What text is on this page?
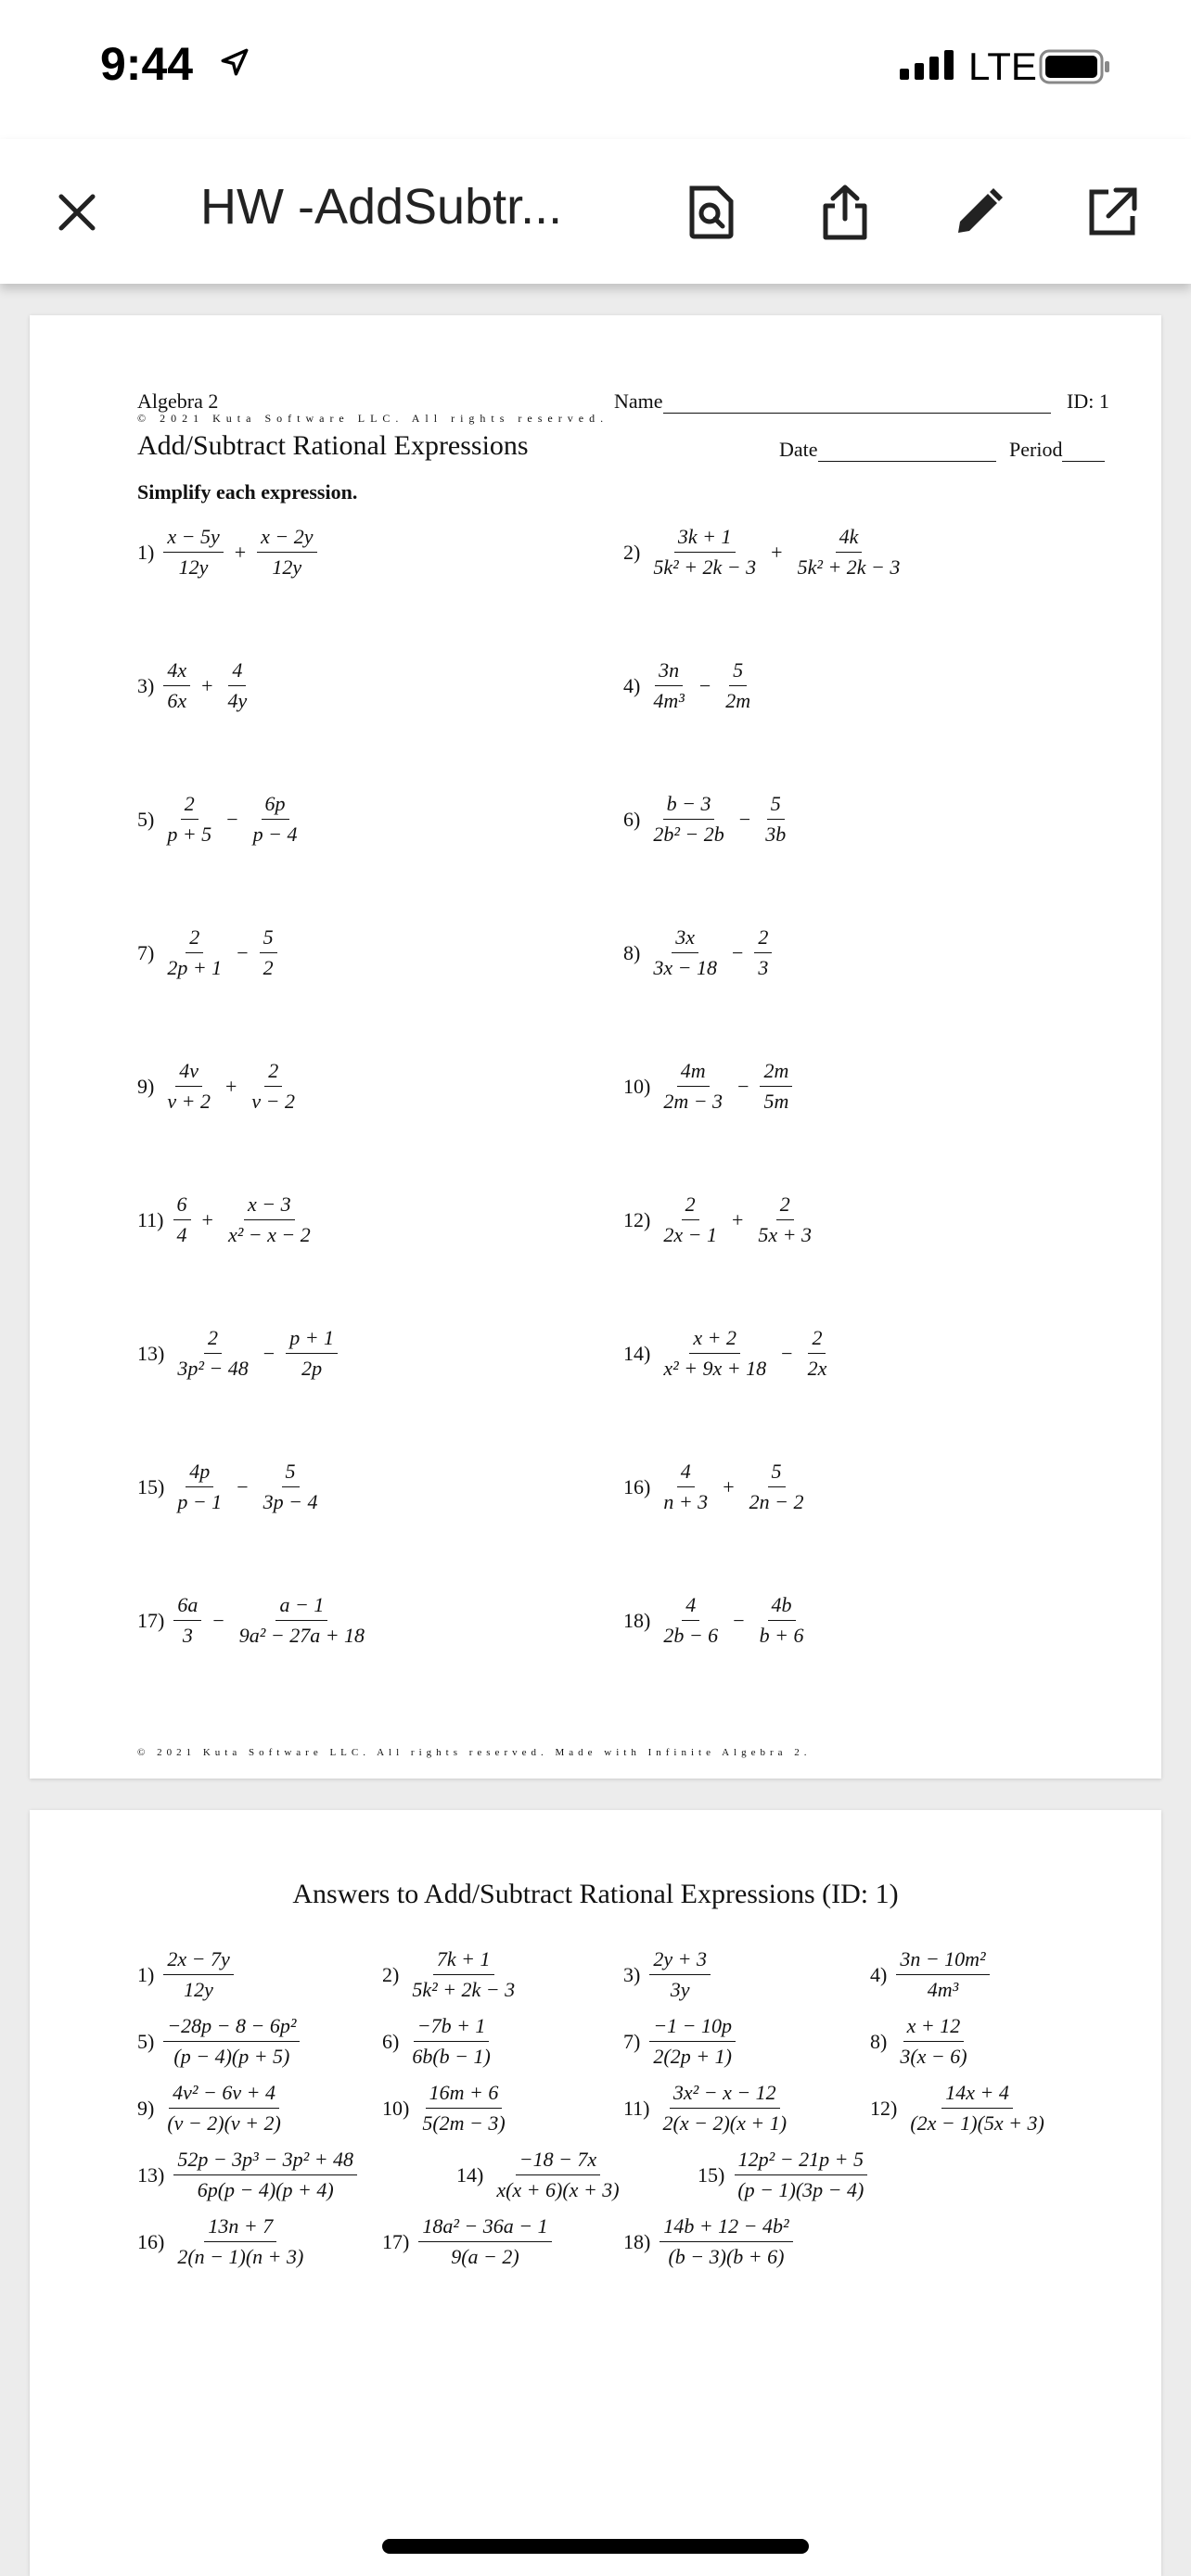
9:44	LTE
HW -AddSubtr...
Algebra 2
© 2021 Kuta Software LLC. All rights reserved.
Add/Subtract Rational Expressions
Name	ID: 1
Date	Period
Simplify each expression.
$1) \frac{x - 5y}{12y} + \frac{x - 2y}{12y}$	$2) \frac{3k + 1}{\text{5k² + 2k − 3}} + \frac{4k}{\text{5k² + 2k − 3}}$
$3) \frac{4x}{6x} + \frac{4}{4y}$	$4) \frac{3n}{\text{4m³}} - \frac{5}{2m}$
$5) \frac{2}{p + 5} - \frac{6p}{p - 4}$	$6) \frac{b - 3}{\text{2b² − 2b}} - \frac{5}{3b}$
$7) \frac{2}{2p + 1} - \frac{5}{2}$	$8) \frac{3x}{3x - 18} - \frac{2}{3}$
$9) \frac{4v}{v + 2} + \frac{2}{v - 2}$	$10) \frac{4m}{2m - 3} - \frac{2m}{5m}$
$11) \frac{6}{4} + \frac{x - 3}{\text{x² − x − 2}}$	$12) \frac{2}{2x - 1} + \frac{2}{5x + 3}$
$13) \frac{2}{\text{3p² − 48}} - \frac{p + 1}{2p}$	$14) \frac{x + 2}{\text{x² + 9x + 18}} - \frac{2}{2x}$
$15) \frac{4p}{p - 1} - \frac{5}{3p - 4}$	$16) \frac{4}{n + 3} + \frac{5}{2n - 2}$
$17) \frac{6a}{3} - \frac{a - 1}{\text{9a² − 27a + 18}}$	$18) \frac{4}{2b - 6} - \frac{4b}{b + 6}$
© 2021 Kuta Software LLC. All rights reserved. Made with Infinite Algebra 2.
Answers to Add/Subtract Rational Expressions (ID: 1)
$1) \frac{2x - 7y}{12y}$	$2) \frac{7k + 1}{\text{5k² + 2k − 3}}$	$3) \frac{2y + 3}{3y}$	$4) \frac{\text{3n − 10m²}}{\text{4m³}}$
$5) \frac{\text{−28p − 8 − 6p²}}{(p - 4)(p + 5)}$	$6) \frac{-7b + 1}{6b(b - 1)}$	$7) \frac{-1 - 10p}{2(2p + 1)}$	$8) \frac{x + 12}{3(x - 6)}$
$9) \frac{\text{4v² − 6v + 4}}{(v - 2)(v + 2)}$	$10) \frac{16m + 6}{5(2m - 3)}$	$11) \frac{\text{3x² − x − 12}}{2(x - 2)(x + 1)}$	$12) \frac{14x + 4}{(2x - 1)(5x + 3)}$
$13) \frac{\text{52p − 3p³ − 3p² + 48}}{6p(p - 4)(p + 4)}$	$14) \frac{-18 - 7x}{x(x + 6)(x + 3)}$	$15) \frac{\text{12p² − 21p + 5}}{(p - 1)(3p - 4)}$
$16) \frac{13n + 7}{2(n - 1)(n + 3)}$	$17) \frac{\text{18a² − 36a − 1}}{9(a - 2)}$	$18) \frac{\text{14b + 12 − 4b²}}{(b - 3)(b + 6)}$
